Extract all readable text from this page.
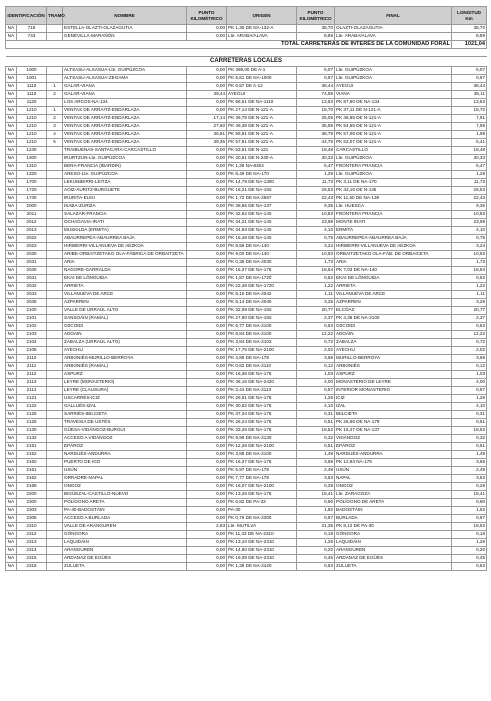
IDENTIFICACIÓN		TRAMO	NOMBRE	PUNTO KILOMÉTRICO	ORIGEN	PUNTO KILOMÉTRICO	FINAL	LONGITUD Km
NA	718		ESTELLA-OLAZTI-OLAZAGUTIA	0,00	PK 1,30 DE NA-132-A	38,70	OLAZTI-OLAZAGUTIA	38,70
NA	743		GENEVILLA-MARAÑÓN	0,00	Lte. ARABA/ALAVA	8,89	Lte. ARABA/ALAVA	8,89
TOTAL CARRETERAS DE INTERÉS DE LA COMUNIDAD FORAL								1021,04

CARRETERAS LOCALES								
NA	1000		ALTSASU-ALSASUA-Lte. GUIPÚZCOA	0,00	PK 399,00 DE A-1	6,07	Lte. GUIPÚZKOA	6,07
NA	1001		ALTSASU-ALSASUA-ZEGAMA	0,00	PK 5,61 DE NA-1000	0,67	Lte. GUIPÚZKOA	0,67
NA	1110	1	GALAR-VIANA	0,00	PK 6,57 DE A-12	38,44	AYEGUI	38,44
NA	1110	2	GALAR-VIANA	39,44	AYEGUI	74,55	VIANA	35,11
NA	1120		LOS ARCOS-NA-134	0,00	PK 56,51 DE NA-1110	13,63	PK 87,60 DE NA-134	13,63
NA	1210	1	VENTAS DE ARRAITZ-ENDARLAZA	0,00	PK 27,14 DE N-121-A	15,70	PK 37,11 DE N-121-A	15,70
NA	1210	2	VENTAS DE ARRAITZ-ENDARLAZA	17,14	PK 39,78 DE N-121-A	25,05	PK 46,85 DE N-121-A	7,91
NA	1210	3	VENTAS DE ARRAITZ-ENDARLAZA	27,60	PK 49,38 DE N-121-A	35,55	PK 54,55 DE N-121-A	7,95
NA	1210	4	VENTAS DE ARRAITZ-ENDARLAZA	36,81	PK 55,91 DE N-121-A	38,79	PK 57,08 DE N-121-A	1,98
NA	1210	5	VENTAS DE ARRAITZ-ENDARLAZA	39,35	PK 57,81 DE N-121-A	44,76	PK 62,07 DE N-121-A	5,41
NA	1240		TRAIBUENAS-SANTACARA-CARCASTILLO	0,00	PK 53,51 DE N-121	18,48	CARCASTILLO	18,48
NA	1300		IRURTZUN-Lte. GUIPÚZCOA	0,00	PK 20,61 DE N-240-A	30,33	Lte. GUIPÚZKOA	30,33
NA	1310		BERA-FRANCIA (IBARDIN)	0,00	PK 1,38 NA-8304	6,47	FRONTERA FRANCIA	6,47
NA	1320		ARESO-Lte. GUIPÚZCOA	0,00	PK 8,49 DE NA-170	1,29	Lte. GUIPÚZKOA	1,29
NA	1700		LEKUNBERRI-LEITZA	0,00	PK 14,79 DE NA-1300	11,73	PK 3,11 DE NA-170	11,73
NA	1720		AOIZ-AURITZ-BURGUETE	0,00	PK 18,21 DE NA-150	29,53	PK 42,16 DE N-135	29,53
NA	1740		IRURITA-EUGI	0,00	PK 1,72 DE NA-2567	22,43	PK 11,60 DE NA-138	22,43
NA	2000		ISABA-ZURIZA	0,00	PK 38,65 DE NA-137	9,35	Lte. HUESCA	9,35
NA	2011		SALAZAR-FRANCIA	0,00	PK 42,62 DE NA-140	10,83	FRONTERA FRANCIA	10,83
NA	2012		OCHAGAVIA-IRATI	0,00	PK 34,21 DE NA-140	23,98	MONTE IRATI	23,98
NA	2013		MUSKILDA (ERMITA)	0,00	PK 34,93 DE NA-140	4,10	ERMITA	4,10
NA	2022		ABAURREPEA-ABAURREA BAJA	0,00	PK 15,48 DE NA-140	0,75	ABAURREPEA-ABAURREA BAJA	0,75
NA	2023		HIRIBERRI-VILLANUEVA DE AEZKOA	0,00	PK 8,56 DE NA-140	3,24	HIRIBERRI-VILLANUEVA DE AEZKOA	3,24
NA	2030		ARIBE-ORBAITZETAKO OLA-FÁBRICA DE ORBAITZETA	0,00	PK 9,00 DE NA-140	10,93	ORBAITZETAKO OLA-FÁB. DE ORBAICETA	10,93
NA	2031		ARIA	0,00	PK 0,35 DE NA-2030	1,73	ARIA	1,73
NA	2040		NAGORE-GARRALDA	0,00	PK 15,27 DE NA-178	16,64	PK 7,03 DE NA-140	16,64
NA	2041		EKAI DE LÓNGUIDA	0,00	PK 1,87 DE NA-1720	0,62	EKAI DE LÓNGUIDA	0,62
NA	2042		ARRIETA	0,00	PK 22,48 DE NA-1720	1,22	ARRIETA	1,22
NA	2043		VILLANUEVA DE ARCE	0,00	PK 8,10 DE NA-2042	1,11	VILLANUEVA DE ARCE	1,11
NA	2045		AZPARREN	0,00	PK 8,14 DE NA-2040	3,25	AZPARREN	3,25
NA	2100		VALLE DE URRAÚL ALTO	0,00	PK 32,09 DE NA-150	20,77	ELCÓAZ	20,77
NA	2101		SANSOÁIN (RAMAL)	0,00	PK 27,90 DE NA-150	2,37	PK 4,38 DE NA-2100	2,37
NA	2102		OZCOIDI	0,00	PK 6,77 DE NA-2100	0,63	OZCOIDI	0,63
NA	2103		ADOAIN	0,00	PK 8,84 DE NA-2100	12,22	ADOÁIN	12,22
NA	2104		ZABALZA (URRAÚL ALTO)	0,00	PK 3,84 DE NA-2103	0,72	ZABALZA	0,72
NA	2105		AYECHU	0,00	PK 17,76 DE NA-2100	2,02	AYECHU	2,02
NA	2110		ARBONIÉS-MURILLO-BERROYA	0,00	PK 4,86 DE NA-178	3,66	MURILLO-BERROYA	3,66
NA	2111		ARBONIÉS (RAMAL)	0,00	PK 0,62 DE NA-2110	0,12	ARBONIÉS	0,12
NA	2112		ASPURZ	0,00	PK 16,36 DE NA-178	1,03	ASPURZ	1,03
NA	2113		LEYRE (MONASTERIO)	0,00	PK 36,16 DE NA-2420	4,00	MONASTERIO DE LEYRE	4,00
NA	2114		LEYRE (CLAUSURA)	0,00	PK 3,44 DE NA-2113	0,57	INTERIOR MONASTERIO	0,57
NA	2121		USCARRÉS-ICIZ	0,00	PK 29,51 DE NA-178	1,26	ICIZ	1,26
NA	2122		GALLUÉS-IZAL	0,00	PK 30,62 DE NA-178	4,10	IZAL	4,10
NA	2125		SARRIÉS-IBILCIETA	0,00	PK 37,34 DE NA-178	0,31	IBILCIETA	0,31
NA	2126		TRAVESIA DE USTÉS	0,00	PK 26,24 DE NA-178	0,51	PK 26,66 DE NA-178	0,51
NA	2130		GÜESA-VIDÁNGOZ-BURGUI	0,00	PK 33,25 DE NA-178	18,52	PK 15,47 DE NA-137	18,52
NA	2132		ACCESO A VIDÁNGOZ	0,00	PK 9,98 DE NA-2130	0,32	VIDÁNGOZ	0,32
NA	2151		EPÁROZ	0,00	PK 12,26 DE NA-2100	0,51	EPÁROZ	0,51
NA	2152		NARDUÉS-ANDURRA	0,00	PK 3,88 DE NA-2100	1,49	NARDUÉS-ANDURRA	1,49
NA	2160		PUERTO DE IGO	0,00	PK 16,27 DE NA-178	3,65	PK 12,93 NA-178	3,65
NA	2161		USÚN	0,00	PK 5,97 DE NA-178	2,49	USÚN	2,49
NA	2162		ORRADRE-NAPAL	0,00	PK 7,77 DE NA-178	3,63	NAPAL	3,63
NA	2168		ONGOZ	0,00	PK 16,07 DE NA-2100	0,28	ONGOZ	0,28
NA	2200		BIGÜEZAL-CASTILLO-NUEVO	0,00	PK 13,25 DE NA-178	15,41	Lte. ZARAGOZA	15,41
NA	2300		POLÍGONO ARETA	0,00	PK 6,82 DE PA-33	0,90	POLÍGONO DE ARETA	0,90
NA	2303		PA-30-BADOSTÁIN	0,00	PA-30	1,92	BADOSTÁIN	1,92
NA	2305		ACCESO A BURLADA	0,00	PK 0,76 DE NA-2300	0,67	BURLADA	0,67
NA	2310		VALLE DE ARANGUREN	2,83	Lte. MUTILVA	21,35	PK 8,12 DE PA-30	18,52
NA	2312		GÓNGORA	0,00	PK 11,33 DE NA-2310	0,18	GÓNGORA	0,18
NA	2313		LAQUIDÁIN	0,00	PK 13,10 DE NA-2310	1,26	LAQUIDÁIN	1,26
NA	2314		ARANGUREN	0,00	PK 14,60 DE NA-2310	0,20	ARANGUREN	0,20
NA	2315		ARDANAZ DE EGÜÉS	0,00	PK 19,08 DE NA-2310	0,45	ARDANAZ DE EGÜÉS	0,45
NA	2316		ZULUETA	0,00	PK 1,38 DE NA-2420	0,63	ZULUETA	0,63
